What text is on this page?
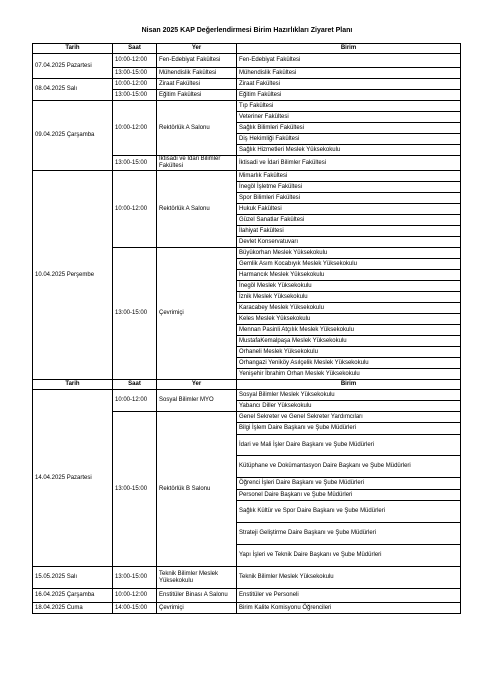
Nisan 2025 KAP Değerlendirmesi Birim Hazırlıkları Ziyaret Planı
Tarih	Saat	Yer	Birim
07.04.2025 Pazartesi	10:00-12:00	Fen-Edebiyat Fakültesi	Fen-Edebiyat Fakültesi
	13:00-15:00	Mühendislik Fakültesi	Mühendislik Fakültesi
08.04.2025 Salı	10:00-12:00	Ziraat Fakültesi	Ziraat Fakültesi
	13:00-15:00	Eğitim Fakültesi	Eğitim Fakültesi
09.04.2025 Çarşamba	10:00-12:00	Rektörlük A Salonu	Tıp Fakültesi
			Veteriner Fakültesi
			Sağlık Bilimleri Fakültesi
			Diş Hekimliği Fakültesi
			Sağlık Hizmetleri Meslek Yüksekokulu
	13:00-15:00	İktisadi ve İdari Bilimler Fakültesi	İktisadi ve İdari Bilimler Fakültesi
10.04.2025 Perşembe	10:00-12:00	Rektörlük A Salonu	Mimarlık Fakültesi
			İnegöl İşletme Fakültesi
			Spor Bilimleri Fakültesi
			Hukuk Fakültesi
			Güzel Sanatlar Fakültesi
			İlahiyat Fakültesi
			Devlet Konservatuvarı
	13:00-15:00	Çevrimiçi	Büyükorhan Meslek Yüksekokulu
			Gemlik Asım Kocabıyık Meslek Yüksekokulu
			Harmancık Meslek Yüksekokulu
			İnegöl Meslek Yüksekokulu
			İznik Meslek Yüksekokulu
			Karacabey Meslek Yüksekokulu
			Keles Meslek Yüksekokulu
			Mennan Pasinli Atçılık Meslek Yüksekokulu
			MustafaKemalpaşa Meslek Yüksekokulu
			Orhaneli Meslek Yüksekokulu
			Orhangazi Yeniköy Asılçelik Meslek Yüksekokulu
			Yenişehir İbrahim Orhan Meslek Yüksekokulu
Tarih	Saat	Yer	Birim
14.04.2025 Pazartesi	10:00-12:00	Sosyal Bilimler MYO	Sosyal Bilimler Meslek Yüksekokulu
			Yabancı Diller Yüksekokulu
	13:00-15:00	Rektörlük B Salonu	Genel Sekreter ve Genel Sekreter Yardımcıları
			Bilgi İşlem Daire Başkanı ve Şube Müdürleri
			İdari ve Mali İşler Daire Başkanı ve Şube Müdürleri
			Kütüphane ve Dokümantasyon Daire Başkanı ve Şube Müdürleri
			Öğrenci İşleri Daire Başkanı ve Şube Müdürleri
			Personel Daire Başkanı ve Şube Müdürleri
			Sağlık Kültür ve Spor Daire Başkanı ve Şube Müdürleri
			Strateji Geliştirme Daire Başkanı ve Şube Müdürleri
			Yapı İşleri ve Teknik Daire Başkanı ve Şube Müdürleri
15.05.2025 Salı	13:00-15:00	Teknik Bilimler Meslek Yüksekokulu	Teknik Bilimler Meslek Yüksekokulu
16.04.2025 Çarşamba	10:00-12:00	Enstitüler Binası A Salonu	Enstitüler ve Personeli
18.04.2025 Cuma	14:00-15:00	Çevrimiçi	Birim Kalite Komisyonu Öğrencileri
